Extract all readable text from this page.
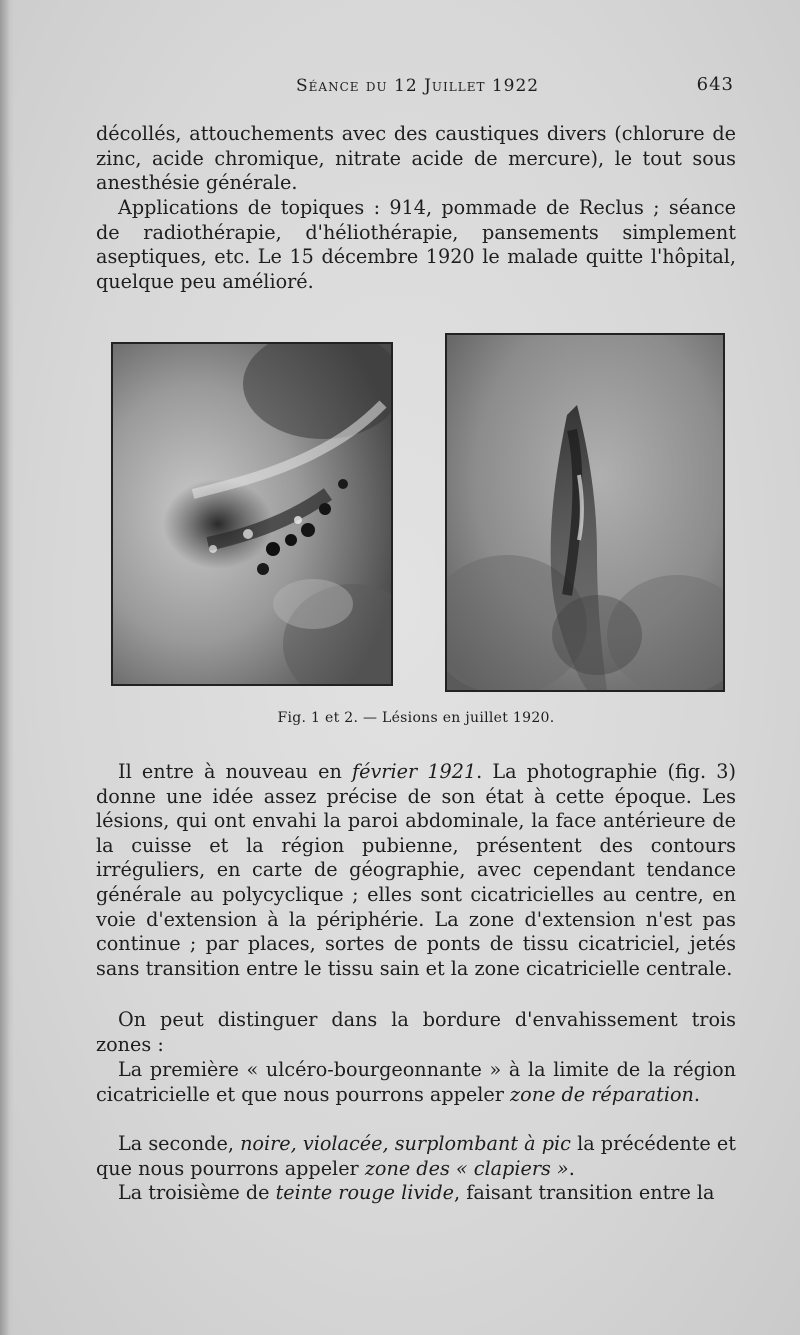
Séance du 12 Juillet 1922	643

décollés, attouchements avec des caustiques divers (chlorure de zinc, acide chromique, nitrate acide de mercure), le tout sous anesthésie générale.

Applications de topiques : 914, pommade de Reclus ; séance de radiothérapie, d'héliothérapie, pansements simplement aseptiques, etc. Le 15 décembre 1920 le malade quitte l'hôpital, quelque peu amélioré.

Fig. 1 et 2. — Lésions en juillet 1920.

Il entre à nouveau en février 1921. La photographie (fig. 3) donne une idée assez précise de son état à cette époque. Les lésions, qui ont envahi la paroi abdominale, la face antérieure de la cuisse et la région pubienne, présentent des contours irréguliers, en carte de géographie, avec cependant tendance générale au polycyclique ; elles sont cicatricielles au centre, en voie d'extension à la périphérie. La zone d'extension n'est pas continue ; par places, sortes de ponts de tissu cicatriciel, jetés sans transition entre le tissu sain et la zone cicatricielle centrale.

On peut distinguer dans la bordure d'envahissement trois zones :

La première « ulcéro-bourgeonnante » à la limite de la région cicatricielle et que nous pourrons appeler zone de réparation.

La seconde, noire, violacée, surplombant à pic la précédente et que nous pourrons appeler zone des « clapiers ».

La troisième de teinte rouge livide, faisant transition entre la
